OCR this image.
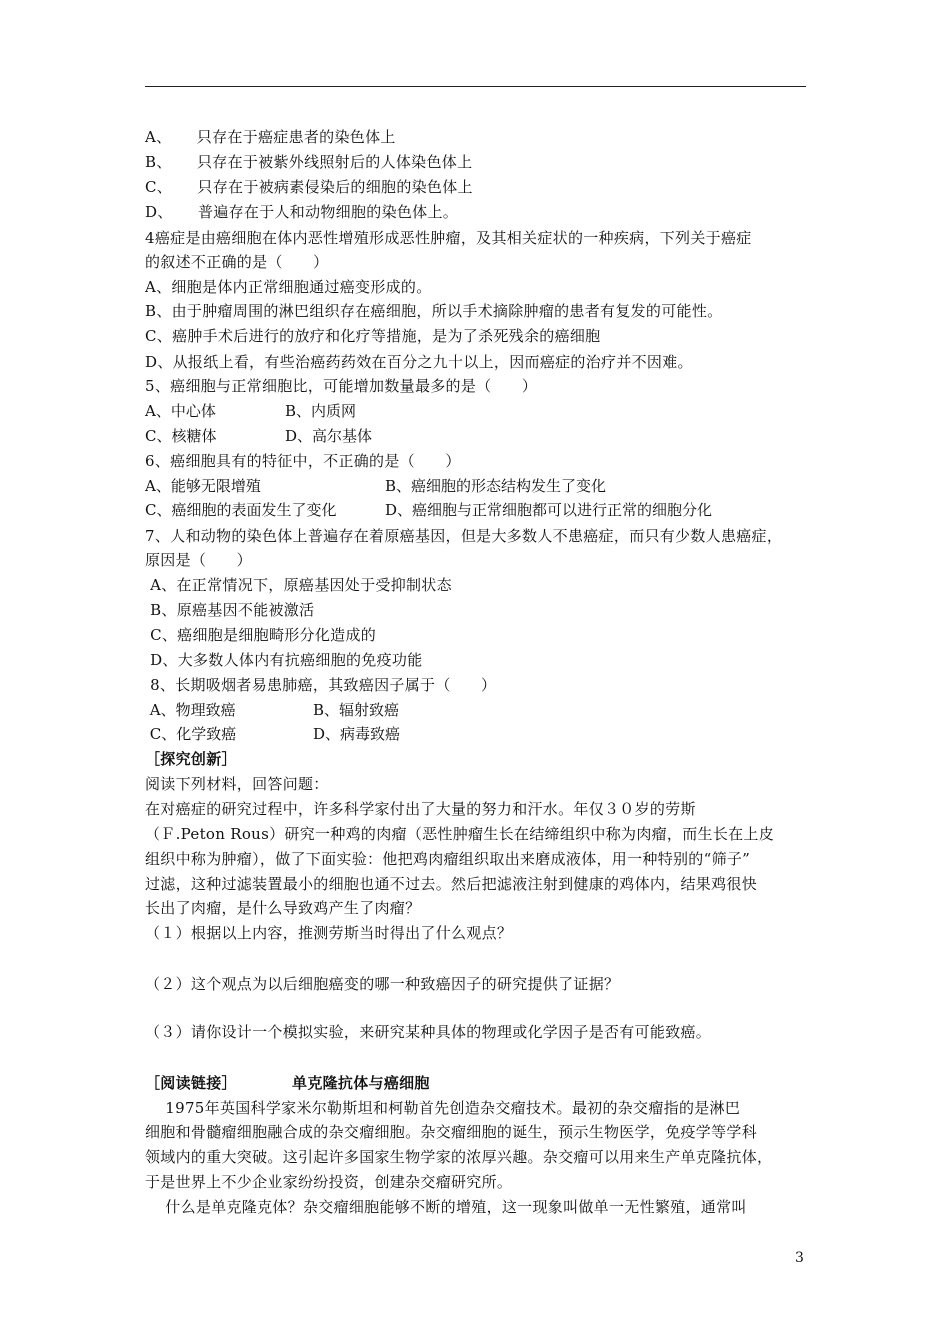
A、     只存在于癌症患者的染色体上
B、     只存在于被紫外线照射后的人体染色体上
C、     只存在于被病素侵染后的细胞的染色体上
D、     普遍存在于人和动物细胞的染色体上。
4癌症是由癌细胞在体内恶性增殖形成恶性肿瘤，及其相关症状的一种疾病，下列关于癌症
的叙述不正确的是（      ）
A、细胞是体内正常细胞通过癌变形成的。
B、由于肿瘤周围的淋巴组织存在癌细胞，所以手术摘除肿瘤的患者有复发的可能性。
C、癌肿手术后进行的放疗和化疗等措施，是为了杀死残余的癌细胞
D、从报纸上看，有些治癌药药效在百分之九十以上，因而癌症的治疗并不因难。
5、癌细胞与正常细胞比，可能增加数量最多的是（      ）
A、中心体	B、内质网
C、核糖体	D、高尔基体
6、癌细胞具有的特征中，不正确的是（      ）
A、能够无限增殖	B、癌细胞的形态结构发生了变化
C、癌细胞的表面发生了变化	D、癌细胞与正常细胞都可以进行正常的细胞分化
7、人和动物的染色体上普遍存在着原癌基因，但是大多数人不患癌症，而只有少数人患癌症，
原因是（      ）
A、在正常情况下，原癌基因处于受抑制状态
B、原癌基因不能被激活
C、癌细胞是细胞畸形分化造成的
D、大多数人体内有抗癌细胞的免疫功能
8、长期吸烟者易患肺癌，其致癌因子属于（      ）
A、物理致癌	B、辐射致癌
C、化学致癌	D、病毒致癌
［探究创新］
阅读下列材料，回答问题：
在对癌症的研究过程中，许多科学家付出了大量的努力和汗水。年仅３０岁的劳斯
（Ｆ.Peton Rous）研究一种鸡的肉瘤（恶性肿瘤生长在结缔组织中称为肉瘤，而生长在上皮
组织中称为肿瘤），做了下面实验：他把鸡肉瘤组织取出来磨成液体，用一种特别的“筛子”
过滤，这种过滤装置最小的细胞也通不过去。然后把滤液注射到健康的鸡体内，结果鸡很快
长出了肉瘤，是什么导致鸡产生了肉瘤？
（１）根据以上内容，推测劳斯当时得出了什么观点？
（２）这个观点为以后细胞癌变的哪一种致癌因子的研究提供了证据？
（３）请你设计一个模拟实验，来研究某种具体的物理或化学因子是否有可能致癌。
［阅读链接］          单克隆抗体与癌细胞
1975年英国科学家米尔勒斯坦和柯勒首先创造杂交瘤技术。最初的杂交瘤指的是淋巴
细胞和骨髓瘤细胞融合成的杂交瘤细胞。杂交瘤细胞的诞生，预示生物医学，免疫学等学科
领域内的重大突破。这引起许多国家生物学家的浓厚兴趣。杂交瘤可以用来生产单克隆抗体，
于是世界上不少企业家纷纷投资，创建杂交瘤研究所。
什么是单克隆克体？杂交瘤细胞能够不断的增殖，这一现象叫做单一无性繁殖，通常叫
3
